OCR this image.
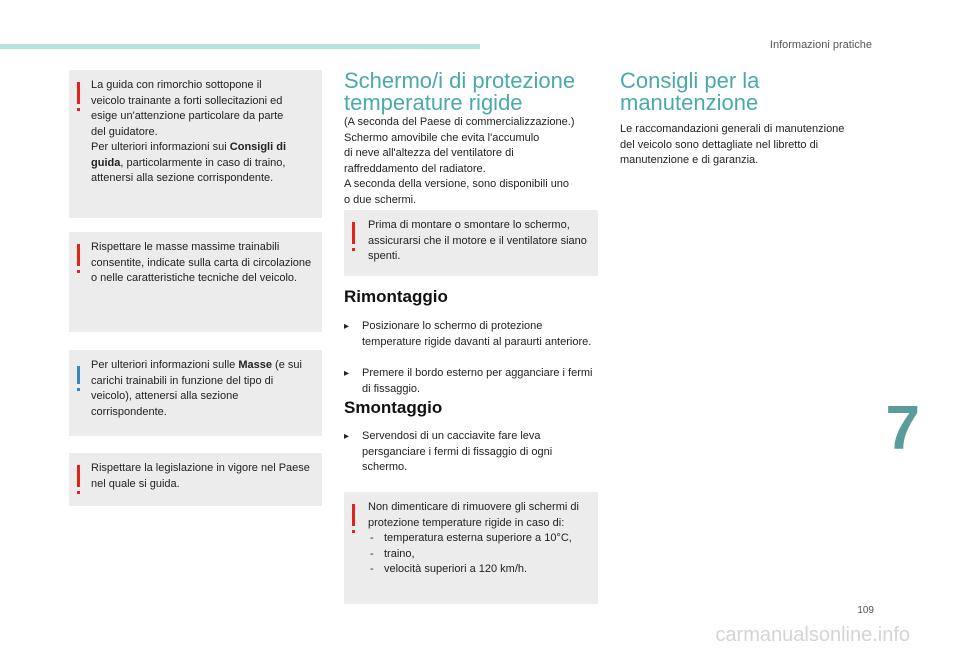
Informazioni pratiche
La guida con rimorchio sottopone il
veicolo trainante a forti sollecitazioni ed
esige un'attenzione particolare da parte
del guidatore.
Per ulteriori informazioni sui Consigli di guida, particolarmente in caso di traino, attenersi alla sezione corrispondente.
Rispettare le masse massime trainabili consentite, indicate sulla carta di circolazione o nelle caratteristiche tecniche del veicolo.
Per ulteriori informazioni sulle Masse (e sui carichi trainabili in funzione del tipo di veicolo), attenersi alla sezione corrispondente.
Rispettare la legislazione in vigore nel Paese nel quale si guida.
Schermo/i di protezione
temperature rigide
(A seconda del Paese di commercializzazione.)
Schermo amovibile che evita l'accumulo
di neve all'altezza del ventilatore di
raffreddamento del radiatore.
A seconda della versione, sono disponibili uno
o due schermi.
Prima di montare o smontare lo schermo, assicurarsi che il motore e il ventilatore siano spenti.
Rimontaggio
▸ Posizionare lo schermo di protezione temperature rigide davanti al paraurti anteriore.
▸ Premere il bordo esterno per agganciare i fermi di fissaggio.
Smontaggio
▸ Servendosi di un cacciavite fare leva persganciare i fermi di fissaggio di ogni schermo.
Non dimenticare di rimuovere gli schermi di protezione temperature rigide in caso di:
- temperatura esterna superiore a 10°C,
- traino,
- velocità superiori a 120 km/h.
Consigli per la
manutenzione
Le raccomandazioni generali di manutenzione del veicolo sono dettagliate nel libretto di manutenzione e di garanzia.
7
109
carmanualsonline.info
